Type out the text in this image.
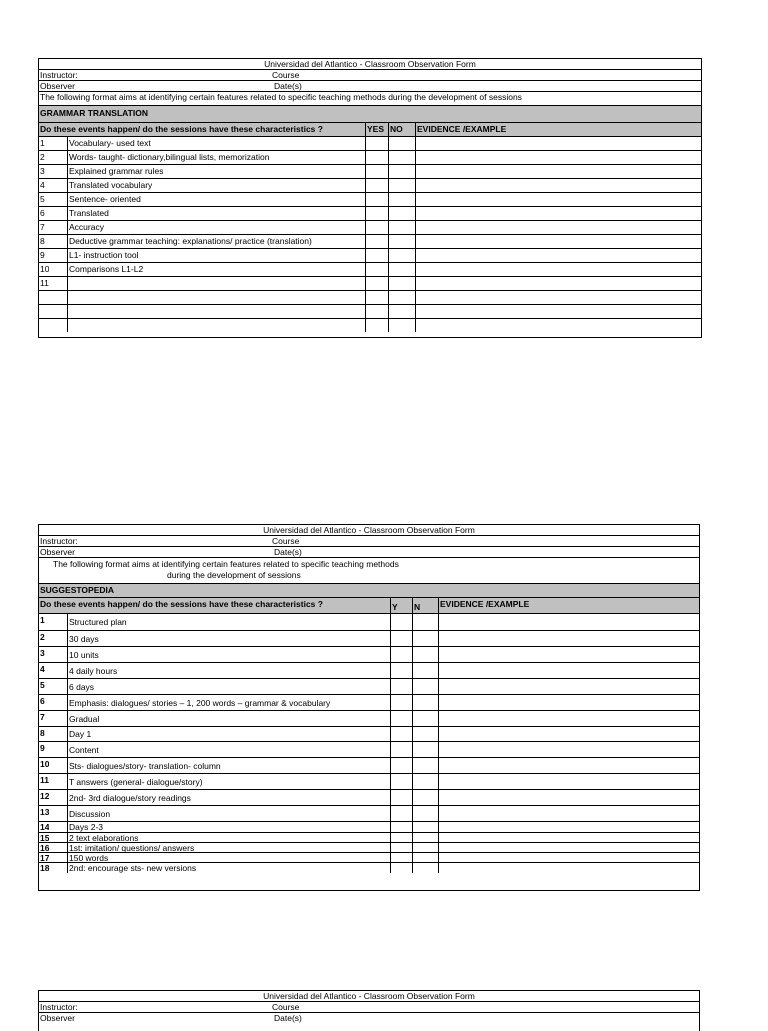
Universidad del Atlantico - Classroom Observation Form
Instructor:	Course
Observer	Date(s)
The following format aims at identifying certain features related to specific teaching methods during the development of sessions
GRAMMAR TRANSLATION
Do these events happen/ do the sessions have these characteristics ?	YES NO EVIDENCE /EXAMPLE
1	Vocabulary- used text
2	Words- taught- dictionary,bilingual lists, memorization
3	Explained grammar rules
4	Translated vocabulary
5	Sentence- oriented
6	Translated
7	Accuracy
8	Deductive grammar teaching: explanations/ practice (translation)
9	L1- instruction tool
10 Comparisons L1-L2
11
Universidad del Atlantico - Classroom Observation Form
Instructor:	Course
Observer	Date(s)
The following format aims at identifying certain features related to specific teaching methods
during the development of sessions
SUGGESTOPEDIA
Do these events happen/ do the sessions have these characteristics ?	Y N EVIDENCE /EXAMPLE
1	Structured plan
2	30 days
3	10 units
4	4 daily hours
5	6 days
6	Emphasis: dialogues/ stories – 1, 200 words – grammar & vocabulary
7	Gradual
8	Day 1
9	Content
10 Sts- dialogues/story- translation- column
11 T answers (general- dialogue/story)
12 2nd- 3rd dialogue/story readings
13 Discussion
14 Days 2-3
15 2 text elaborations
16 1st: imitation/ questions/ answers
17 150 words
18 2nd: encourage sts- new versions
Universidad del Atlantico - Classroom Observation Form
Instructor:	Course
Observer	Date(s)
